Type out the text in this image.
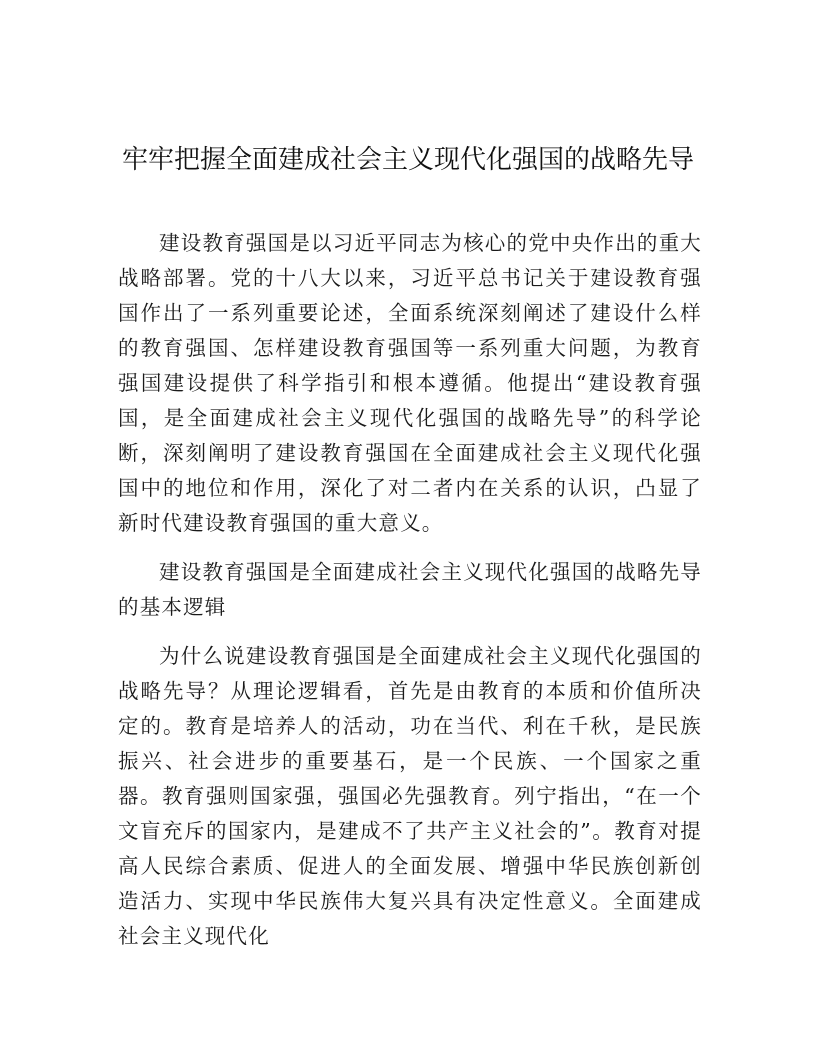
牢牢把握全面建成社会主义现代化强国的战略先导

建设教育强国是以习近平同志为核心的党中央作出的重大战略部署。党的十八大以来，习近平总书记关于建设教育强国作出了一系列重要论述，全面系统深刻阐述了建设什么样的教育强国、怎样建设教育强国等一系列重大问题，为教育强国建设提供了科学指引和根本遵循。他提出“建设教育强国，是全面建成社会主义现代化强国的战略先导”的科学论断，深刻阐明了建设教育强国在全面建成社会主义现代化强国中的地位和作用，深化了对二者内在关系的认识，凸显了新时代建设教育强国的重大意义。

建设教育强国是全面建成社会主义现代化强国的战略先导的基本逻辑

为什么说建设教育强国是全面建成社会主义现代化强国的战略先导？从理论逻辑看，首先是由教育的本质和价值所决定的。教育是培养人的活动，功在当代、利在千秋，是民族振兴、社会进步的重要基石，是一个民族、一个国家之重器。教育强则国家强，强国必先强教育。列宁指出，“在一个文盲充斥的国家内，是建成不了共产主义社会的”。教育对提高人民综合素质、促进人的全面发展、增强中华民族创新创造活力、实现中华民族伟大复兴具有决定性意义。全面建成社会主义现代化
